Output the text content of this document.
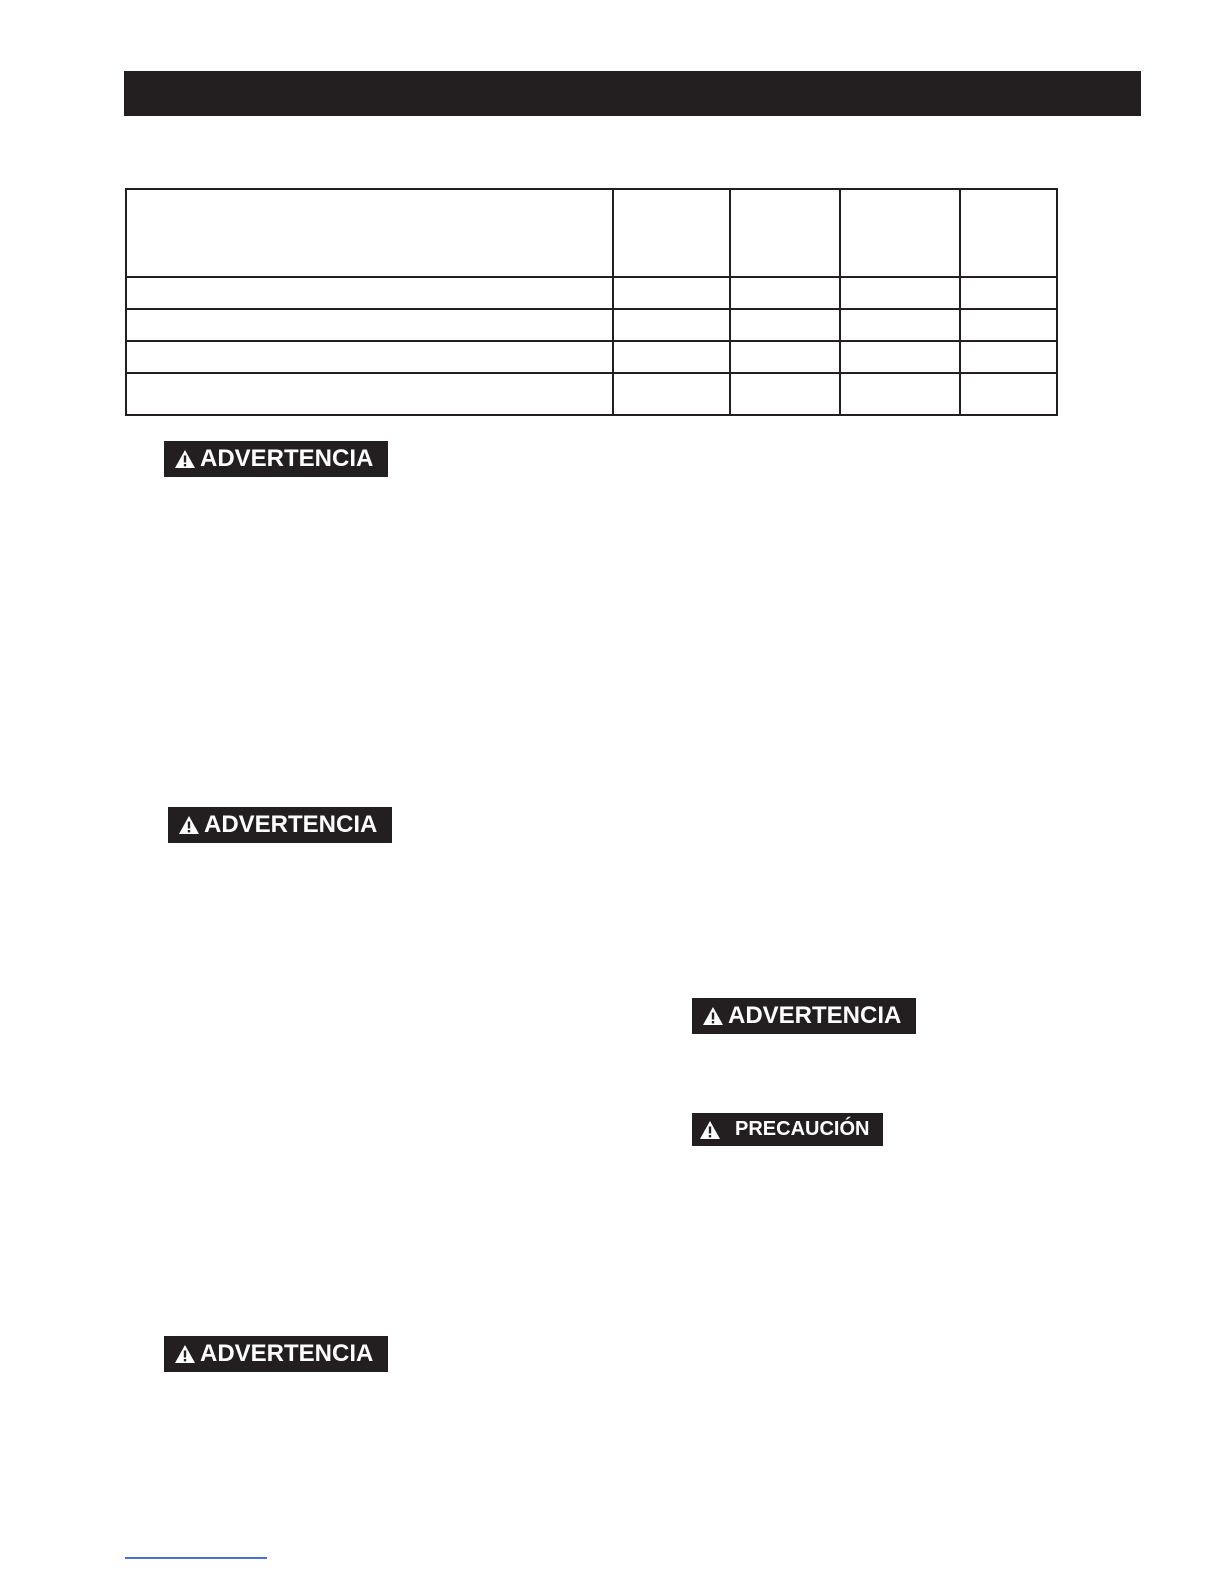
ADVERTENCIA
ADVERTENCIA
ADVERTENCIA
PRECAUCIÓN
ADVERTENCIA
